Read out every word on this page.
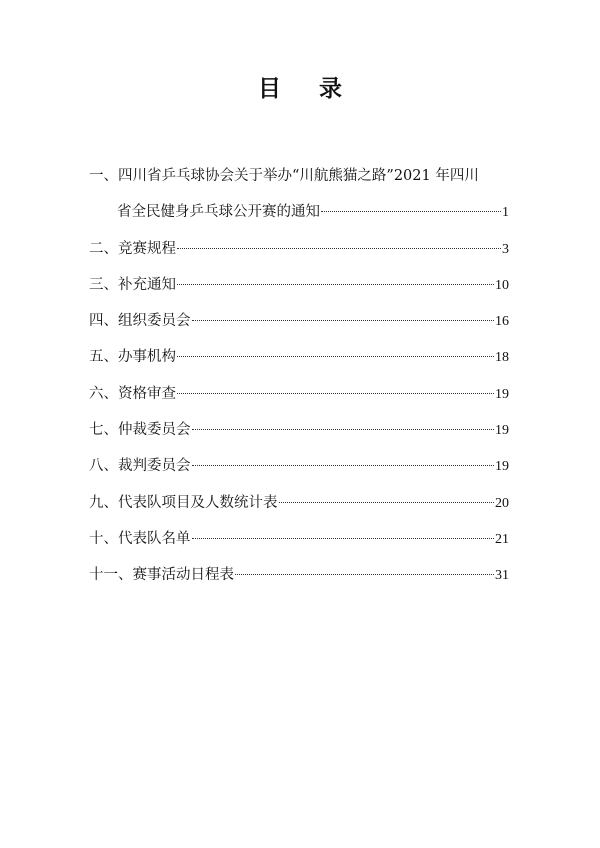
目 录
一、四川省乒乓球协会关于举办“川航熊猫之路”2021 年四川
省全民健身乒乓球公开赛的通知	1
二、竞赛规程	3
三、补充通知	10
四、组织委员会	16
五、办事机构	18
六、资格审查	19
七、仲裁委员会	19
八、裁判委员会	19
九、代表队项目及人数统计表	20
十、代表队名单	21
十一、赛事活动日程表	31
